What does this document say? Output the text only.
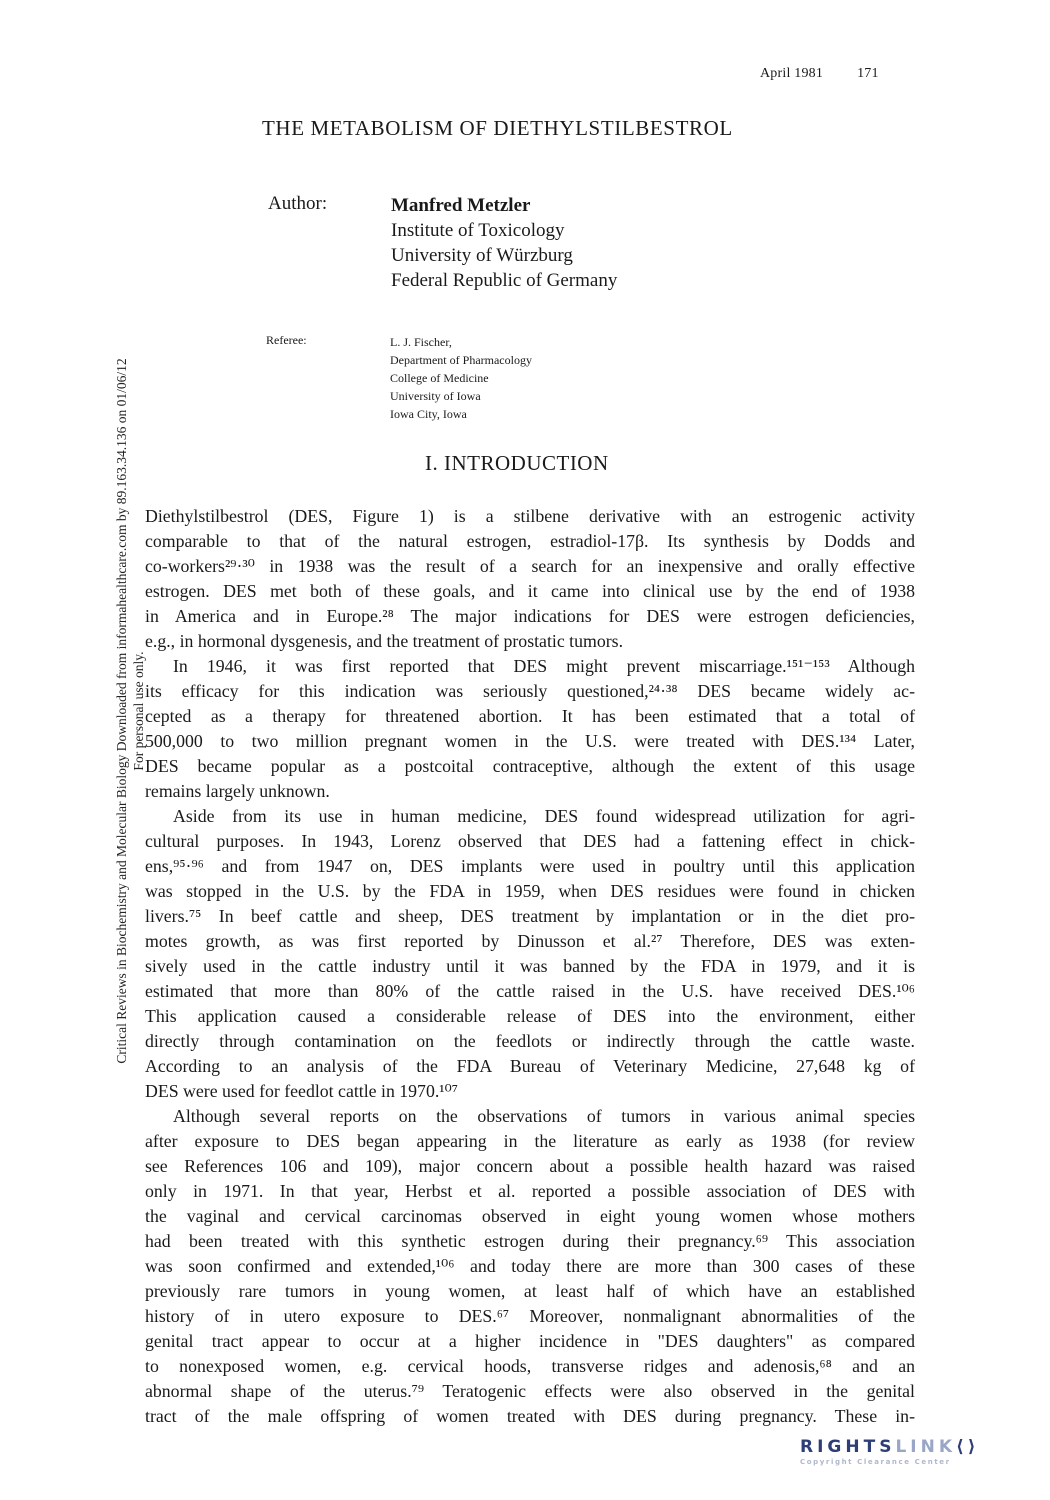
April 1981 171
THE METABOLISM OF DIETHYLSTILBESTROL
Author:	Manfred Metzler
Institute of Toxicology
University of Würzburg
Federal Republic of Germany
Referee:	L. J. Fischer,
Department of Pharmacology
College of Medicine
University of Iowa
Iowa City, Iowa
I. INTRODUCTION

Diethylstilbestrol (DES, Figure 1) is a stilbene derivative with an estrogenic activity
comparable to that of the natural estrogen, estradiol-17β. Its synthesis by Dodds and
co-workers²⁹·³⁰ in 1938 was the result of a search for an inexpensive and orally effective
estrogen. DES met both of these goals, and it came into clinical use by the end of 1938
in America and in Europe.²⁸ The major indications for DES were estrogen deficiencies,
e.g., in hormonal dysgenesis, and the treatment of prostatic tumors.

In 1946, it was first reported that DES might prevent miscarriage.¹⁵¹⁻¹⁵³ Although
its efficacy for this indication was seriously questioned,²⁴·³⁸ DES became widely ac-
cepted as a therapy for threatened abortion. It has been estimated that a total of
500,000 to two million pregnant women in the U.S. were treated with DES.¹³⁴ Later,
DES became popular as a postcoital contraceptive, although the extent of this usage
remains largely unknown.

Aside from its use in human medicine, DES found widespread utilization for agri-
cultural purposes. In 1943, Lorenz observed that DES had a fattening effect in chick-
ens,⁹⁵·⁹⁶ and from 1947 on, DES implants were used in poultry until this application
was stopped in the U.S. by the FDA in 1959, when DES residues were found in chicken
livers.⁷⁵ In beef cattle and sheep, DES treatment by implantation or in the diet pro-
motes growth, as was first reported by Dinusson et al.²⁷ Therefore, DES was exten-
sively used in the cattle industry until it was banned by the FDA in 1979, and it is
estimated that more than 80% of the cattle raised in the U.S. have received DES.¹⁰⁶
This application caused a considerable release of DES into the environment, either
directly through contamination on the feedlots or indirectly through the cattle waste.
According to an analysis of the FDA Bureau of Veterinary Medicine, 27,648 kg of
DES were used for feedlot cattle in 1970.¹⁰⁷

Although several reports on the observations of tumors in various animal species
after exposure to DES began appearing in the literature as early as 1938 (for review
see References 106 and 109), major concern about a possible health hazard was raised
only in 1971. In that year, Herbst et al. reported a possible association of DES with
the vaginal and cervical carcinomas observed in eight young women whose mothers
had been treated with this synthetic estrogen during their pregnancy.⁶⁹ This association
was soon confirmed and extended,¹⁰⁶ and today there are more than 300 cases of these
previously rare tumors in young women, at least half of which have an established
history of in utero exposure to DES.⁶⁷ Moreover, nonmalignant abnormalities of the
genital tract appear to occur at a higher incidence in "DES daughters" as compared
to nonexposed women, e.g. cervical hoods, transverse ridges and adenosis,⁶⁸ and an
abnormal shape of the uterus.⁷⁹ Teratogenic effects were also observed in the genital
tract of the male offspring of women treated with DES during pregnancy. These in-

Critical Reviews in Biochemistry and Molecular Biology Downloaded from informahealthcare.com by 89.163.34.136 on 01/06/12 For personal use only.
RIGHTSLINK⟨⟩
Copyright Clearance Center
